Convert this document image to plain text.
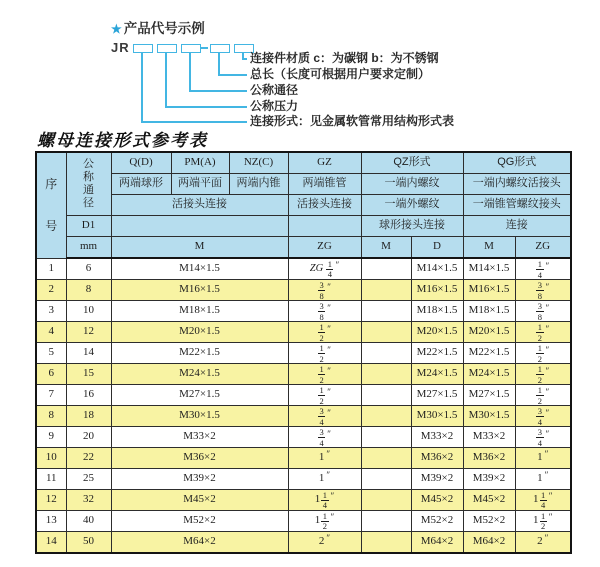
★ 产品代号示例
JR
连接件材质 c：为碳钢 b：为不锈钢
总长（长度可根据用户要求定制）
公称通径
公称压力
连接形式：见金属软管常用结构形式表
螺母连接形式参考表
序
号	公
称
通
径	Q(D)	PM(A)	NZ(C)	GZ	QZ形式		QG形式	
		两端球形	两端平面	两端内锥	两端锥管	一端内螺纹		一端内螺纹活接头	
		活接头连接			活接头连接	一端外螺纹		一端锥管螺纹接头	
	D1					球形接头连接		连接	
	mm	M			ZG	M	D	M	ZG
1	6	M14×1.5			ZG $\frac{1}{4}$ ″		M14×1.5	M14×1.5	$\frac{1}{4}$ ″

2	8	M16×1.5			$\frac{3}{8}$ ″		M16×1.5	M16×1.5	$\frac{3}{8}$ ″

3	10	M18×1.5			$\frac{3}{8}$ ″		M18×1.5	M18×1.5	$\frac{3}{8}$ ″

4	12	M20×1.5			$\frac{1}{2}$ ″		M20×1.5	M20×1.5	$\frac{1}{2}$ ″

5	14	M22×1.5			$\frac{1}{2}$ ″		M22×1.5	M22×1.5	$\frac{1}{2}$ ″

6	15	M24×1.5			$\frac{1}{2}$ ″		M24×1.5	M24×1.5	$\frac{1}{2}$ ″

7	16	M27×1.5			$\frac{1}{2}$ ″		M27×1.5	M27×1.5	$\frac{1}{2}$ ″

8	18	M30×1.5			$\frac{3}{4}$ ″		M30×1.5	M30×1.5	$\frac{3}{4}$ ″

9	20	M33×2			$\frac{3}{4}$ ″		M33×2	M33×2	$\frac{3}{4}$ ″

10	22	M36×2			1 ″		M36×2	M36×2	1 ″

11	25	M39×2			1 ″		M39×2	M39×2	1 ″

12	32	M45×2			$1 \frac{1}{4}$ ″		M45×2	M45×2	$1 \frac{1}{4}$ ″

13	40	M52×2			$1 \frac{1}{2}$ ″		M52×2	M52×2	$1 \frac{1}{2}$ ″

14	50	M64×2			2 ″		M64×2	M64×2	2 ″
